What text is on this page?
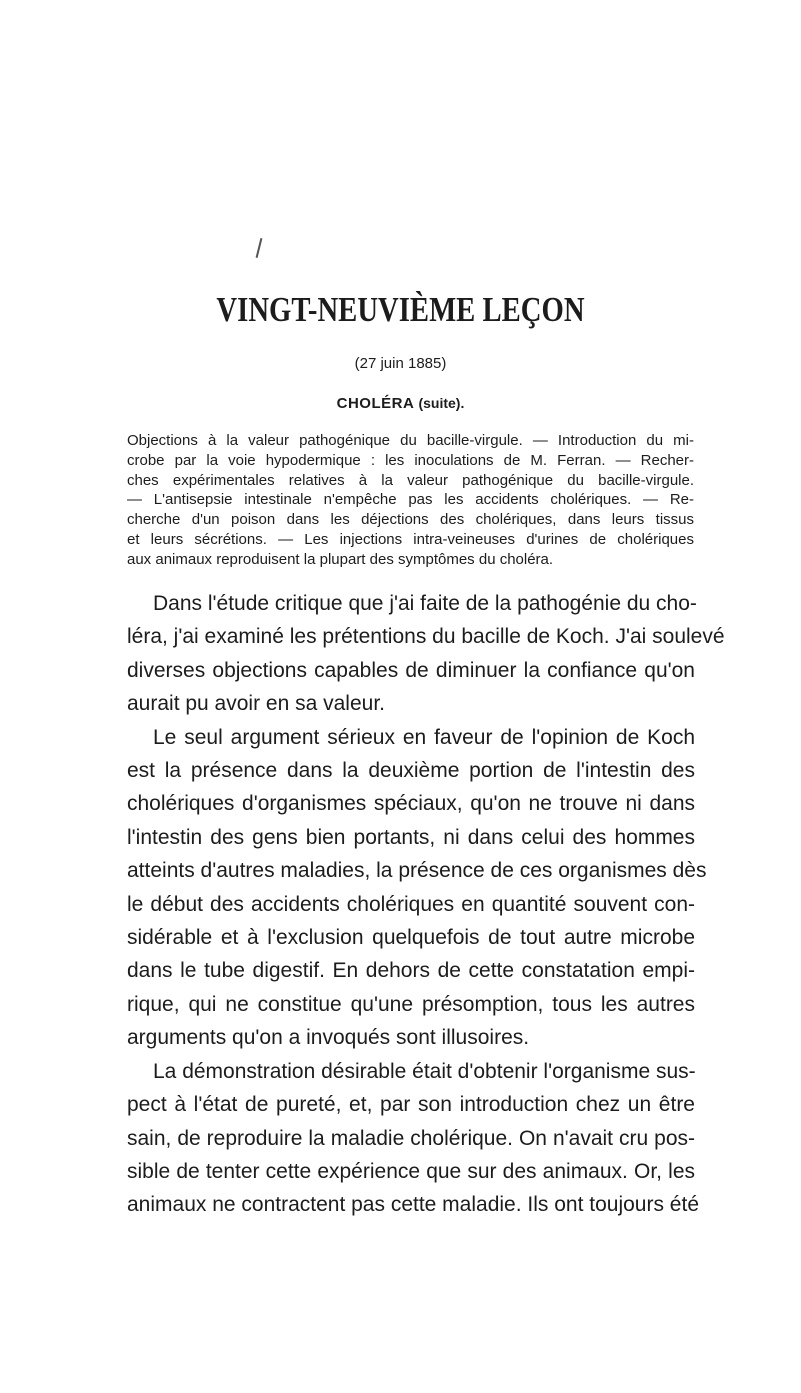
VINGT-NEUVIÈME LEÇON

(27 juin 1885)

CHOLÉRA (suite).

Objections à la valeur pathogénique du bacille-virgule. — Introduction du mi-
crobe par la voie hypodermique : les inoculations de M. Ferran. — Recher-
ches expérimentales relatives à la valeur pathogénique du bacille-virgule.
— L'antisepsie intestinale n'empêche pas les accidents cholériques. — Re-
cherche d'un poison dans les déjections des cholériques, dans leurs tissus
et leurs sécrétions. — Les injections intra-veineuses d'urines de cholériques
aux animaux reproduisent la plupart des symptômes du choléra.
Dans l'étude critique que j'ai faite de la pathogénie du cho-
léra, j'ai examiné les prétentions du bacille de Koch. J'ai soulevé
diverses objections capables de diminuer la confiance qu'on
aurait pu avoir en sa valeur.
Le seul argument sérieux en faveur de l'opinion de Koch
est la présence dans la deuxième portion de l'intestin des
cholériques d'organismes spéciaux, qu'on ne trouve ni dans
l'intestin des gens bien portants, ni dans celui des hommes
atteints d'autres maladies, la présence de ces organismes dès
le début des accidents cholériques en quantité souvent con-
sidérable et à l'exclusion quelquefois de tout autre microbe
dans le tube digestif. En dehors de cette constatation empi-
rique, qui ne constitue qu'une présomption, tous les autres
arguments qu'on a invoqués sont illusoires.
La démonstration désirable était d'obtenir l'organisme sus-
pect à l'état de pureté, et, par son introduction chez un être
sain, de reproduire la maladie cholérique. On n'avait cru pos-
sible de tenter cette expérience que sur des animaux. Or, les
animaux ne contractent pas cette maladie. Ils ont toujours été
